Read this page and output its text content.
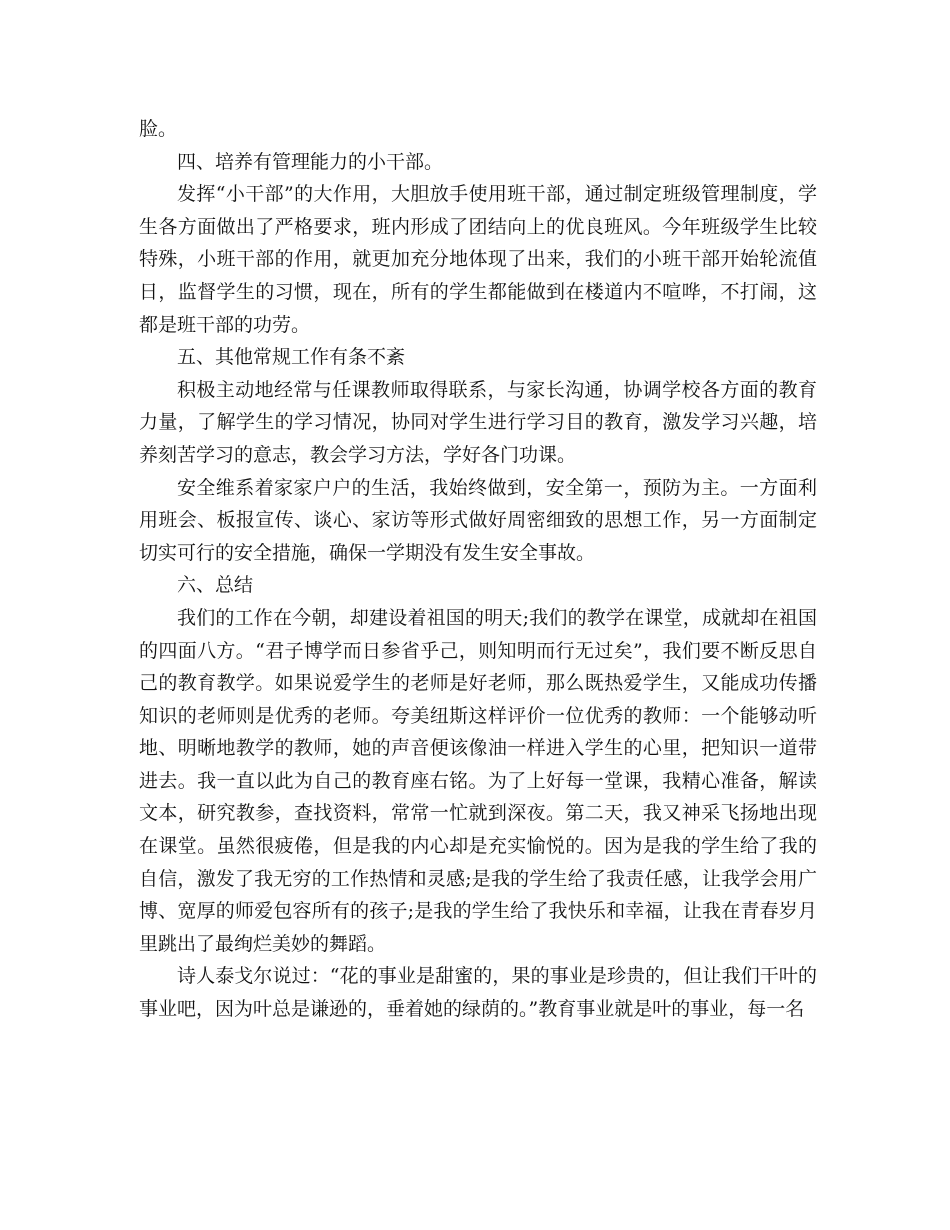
脸。

四、培养有管理能力的小干部。

发挥“小干部”的大作用，大胆放手使用班干部，通过制定班级管理制度，学生各方面做出了严格要求，班内形成了团结向上的优良班风。今年班级学生比较特殊，小班干部的作用，就更加充分地体现了出来，我们的小班干部开始轮流值日，监督学生的习惯，现在，所有的学生都能做到在楼道内不喧哗，不打闹，这都是班干部的功劳。

五、其他常规工作有条不紊

积极主动地经常与任课教师取得联系，与家长沟通，协调学校各方面的教育力量，了解学生的学习情况，协同对学生进行学习目的教育，激发学习兴趣，培养刻苦学习的意志，教会学习方法，学好各门功课。

安全维系着家家户户的生活，我始终做到，安全第一，预防为主。一方面利用班会、板报宣传、谈心、家访等形式做好周密细致的思想工作，另一方面制定切实可行的安全措施，确保一学期没有发生安全事故。

六、总结

我们的工作在今朝，却建设着祖国的明天;我们的教学在课堂，成就却在祖国的四面八方。“君子博学而日参省乎己，则知明而行无过矣”，我们要不断反思自己的教育教学。如果说爱学生的老师是好老师，那么既热爱学生，又能成功传播知识的老师则是优秀的老师。夸美纽斯这样评价一位优秀的教师：一个能够动听地、明晰地教学的教师，她的声音便该像油一样进入学生的心里，把知识一道带进去。我一直以此为自己的教育座右铭。为了上好每一堂课，我精心准备，解读文本，研究教参，查找资料，常常一忙就到深夜。第二天，我又神采飞扬地出现在课堂。虽然很疲倦，但是我的内心却是充实愉悦的。因为是我的学生给了我的自信，激发了我无穷的工作热情和灵感;是我的学生给了我责任感，让我学会用广博、宽厚的师爱包容所有的孩子;是我的学生给了我快乐和幸福，让我在青春岁月里跳出了最绚烂美妙的舞蹈。

诗人泰戈尔说过：“花的事业是甜蜜的，果的事业是珍贵的，但让我们干叶的事业吧，因为叶总是谦逊的，垂着她的绿荫的。”教育事业就是叶的事业，每一名
